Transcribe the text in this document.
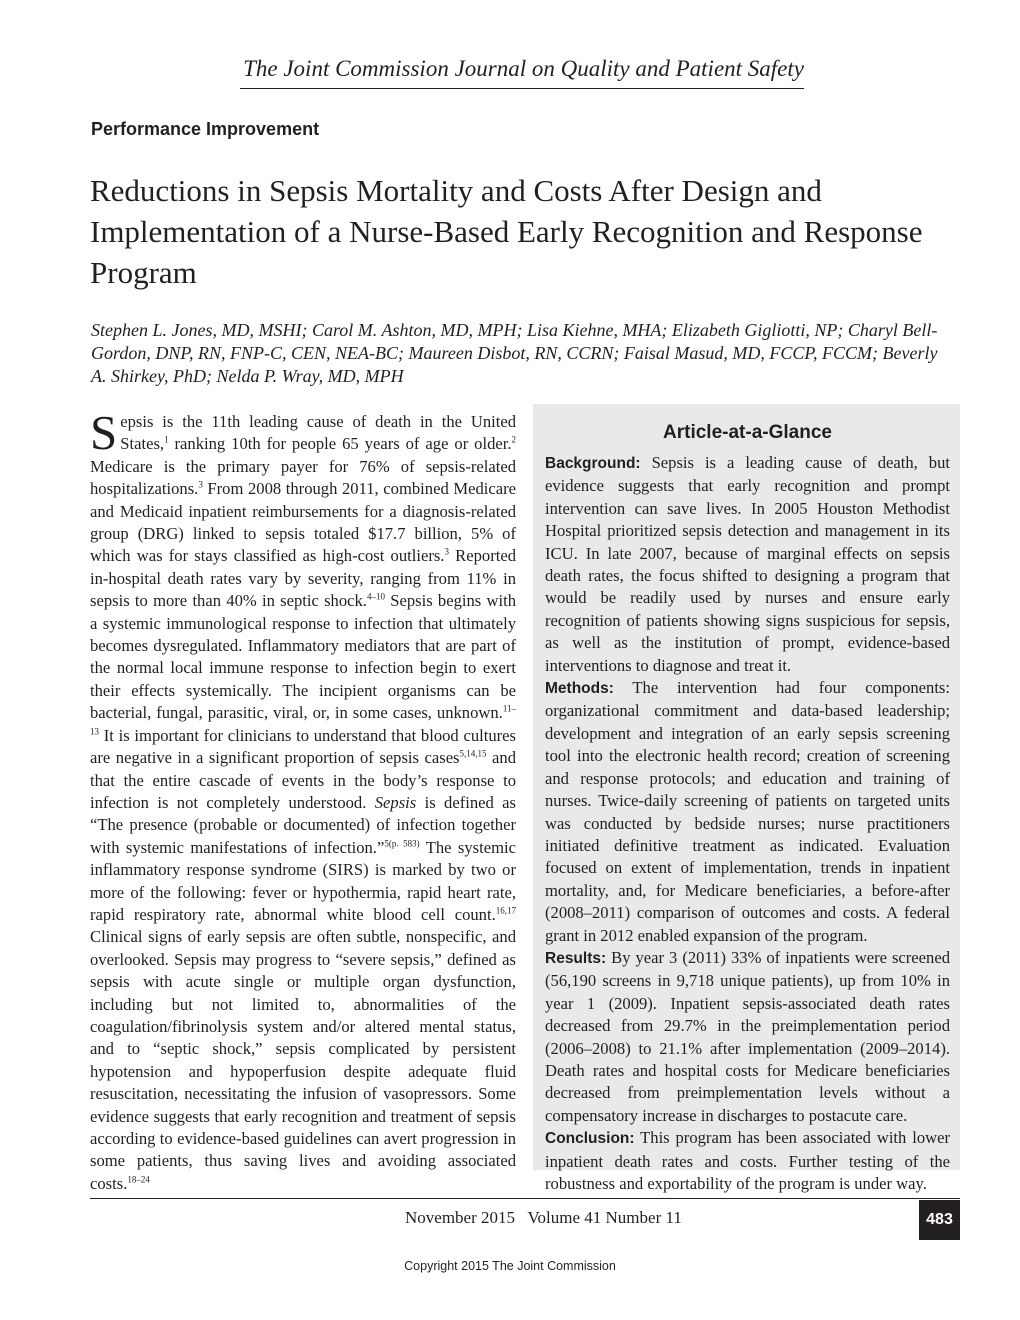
The Joint Commission Journal on Quality and Patient Safety
Performance Improvement
Reductions in Sepsis Mortality and Costs After Design and Implementation of a Nurse-Based Early Recognition and Response Program
Stephen L. Jones, MD, MSHI; Carol M. Ashton, MD, MPH; Lisa Kiehne, MHA; Elizabeth Gigliotti, NP; Charyl Bell-Gordon, DNP, RN, FNP-C, CEN, NEA-BC; Maureen Disbot, RN, CCRN; Faisal Masud, MD, FCCP, FCCM; Beverly A. Shirkey, PhD; Nelda P. Wray, MD, MPH

Sepsis is the 11th leading cause of death in the United States,$^1$ ranking 10th for people 65 years of age or older.$^2$ Medicare is the primary payer for 76% of sepsis-related hospitalizations.$^3$ From 2008 through 2011, combined Medicare and Medicaid inpatient reimbursements for a diagnosis-related group (DRG) linked to sepsis totaled $17.7 billion, 5% of which was for stays classified as high-cost outliers.$^3$ Reported in-hospital death rates vary by severity, ranging from 11% in sepsis to more than 40% in septic shock.$^{4-10}$ Sepsis begins with a systemic immunological response to infection that ultimately becomes dysregulated. Inflammatory mediators that are part of the normal local immune response to infection begin to exert their effects systemically. The incipient organisms can be bacterial, fungal, parasitic, viral, or, in some cases, unknown.$^{11-13}$ It is important for clinicians to understand that blood cultures are negative in a significant proportion of sepsis cases$^{5,14,15}$ and that the entire cascade of events in the body’s response to infection is not completely understood. Sepsis is defined as “The presence (probable or documented) of infection together with systemic manifestations of infection.”$^{5(p. 583)}$ The systemic inflammatory response syndrome (SIRS) is marked by two or more of the following: fever or hypothermia, rapid heart rate, rapid respiratory rate, abnormal white blood cell count.$^{16,17}$ Clinical signs of early sepsis are often subtle, nonspecific, and overlooked. Sepsis may progress to “severe sepsis,” defined as sepsis with acute single or multiple organ dysfunction, including but not limited to, abnormalities of the coagulation/fibrinolysis system and/or altered mental status, and to “septic shock,” sepsis complicated by persistent hypotension and hypoperfusion despite adequate fluid resuscitation, necessitating the infusion of vasopressors. Some evidence suggests that early recognition and treatment of sepsis according to evidence-based guidelines can avert progression in some patients, thus saving lives and avoiding associated costs.$^{18-24}$

Article-at-a-Glance

Background: Sepsis is a leading cause of death, but evidence suggests that early recognition and prompt intervention can save lives. In 2005 Houston Methodist Hospital prioritized sepsis detection and management in its ICU. In late 2007, because of marginal effects on sepsis death rates, the focus shifted to designing a program that would be readily used by nurses and ensure early recognition of patients showing signs suspicious for sepsis, as well as the institution of prompt, evidence-based interventions to diagnose and treat it.

Methods: The intervention had four components: organizational commitment and data-based leadership; development and integration of an early sepsis screening tool into the electronic health record; creation of screening and response protocols; and education and training of nurses. Twice-daily screening of patients on targeted units was conducted by bedside nurses; nurse practitioners initiated definitive treatment as indicated. Evaluation focused on extent of implementation, trends in inpatient mortality, and, for Medicare beneficiaries, a before-after (2008–2011) comparison of outcomes and costs. A federal grant in 2012 enabled expansion of the program.

Results: By year 3 (2011) 33% of inpatients were screened (56,190 screens in 9,718 unique patients), up from 10% in year 1 (2009). Inpatient sepsis-associated death rates decreased from 29.7% in the preimplementation period (2006–2008) to 21.1% after implementation (2009–2014). Death rates and hospital costs for Medicare beneficiaries decreased from preimplementation levels without a compensatory increase in discharges to postacute care.

Conclusion: This program has been associated with lower inpatient death rates and costs. Further testing of the robustness and exportability of the program is under way.

November 2015   Volume 41 Number 11	483
Copyright 2015 The Joint Commission
